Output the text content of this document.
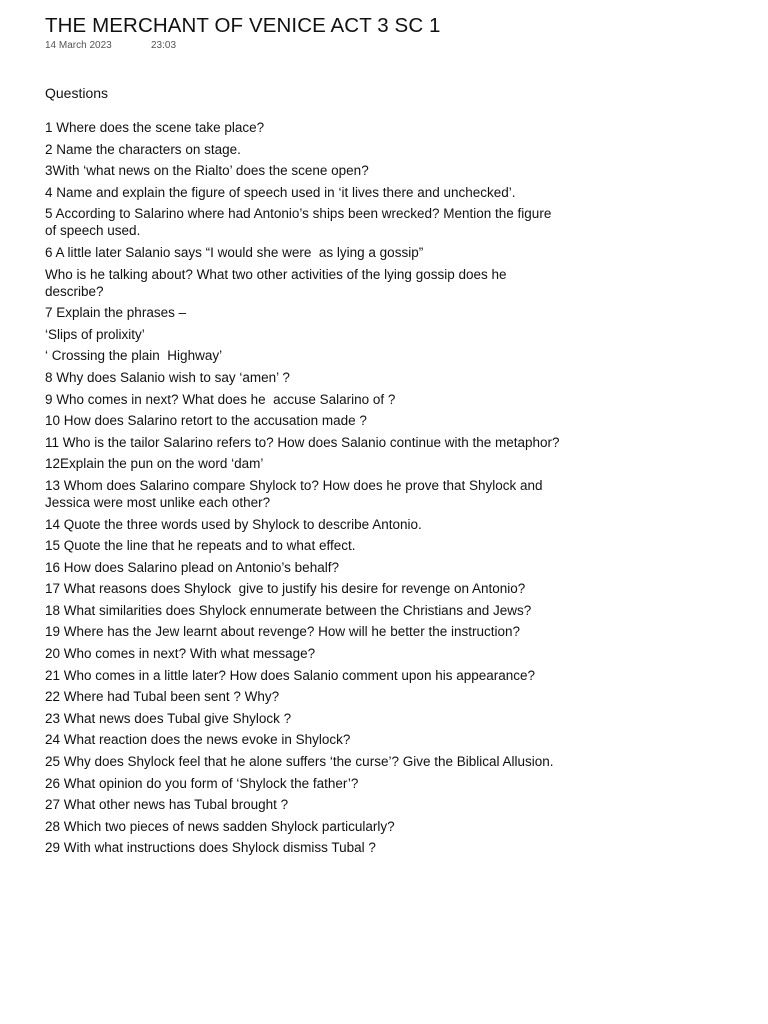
THE MERCHANT OF VENICE ACT 3 SC 1
14 March 2023	23:03
Questions
1 Where does the scene take place?
2 Name the characters on stage.
3With ‘what news on the Rialto’ does the scene open?
4 Name and explain the figure of speech used in ‘it lives there and unchecked’.
5 According to Salarino where had Antonio’s ships been wrecked? Mention the figure of speech used.
6 A little later Salanio says “I would she were  as lying a gossip”
Who is he talking about? What two other activities of the lying gossip does he describe?
7 Explain the phrases –
‘Slips of prolixity’
‘ Crossing the plain  Highway’
8 Why does Salanio wish to say ‘amen’ ?
9 Who comes in next? What does he  accuse Salarino of ?
10 How does Salarino retort to the accusation made ?
11 Who is the tailor Salarino refers to? How does Salanio continue with the metaphor?
12Explain the pun on the word ‘dam’
13 Whom does Salarino compare Shylock to? How does he prove that Shylock and Jessica were most unlike each other?
14 Quote the three words used by Shylock to describe Antonio.
15 Quote the line that he repeats and to what effect.
16 How does Salarino plead on Antonio’s behalf?
17 What reasons does Shylock  give to justify his desire for revenge on Antonio?
18 What similarities does Shylock ennumerate between the Christians and Jews?
19 Where has the Jew learnt about revenge? How will he better the instruction?
20 Who comes in next? With what message?
21 Who comes in a little later? How does Salanio comment upon his appearance?
22 Where had Tubal been sent ? Why?
23 What news does Tubal give Shylock ?
24 What reaction does the news evoke in Shylock?
25 Why does Shylock feel that he alone suffers ‘the curse’? Give the Biblical Allusion.
26 What opinion do you form of ‘Shylock the father’?
27 What other news has Tubal brought ?
28 Which two pieces of news sadden Shylock particularly?
29 With what instructions does Shylock dismiss Tubal ?
